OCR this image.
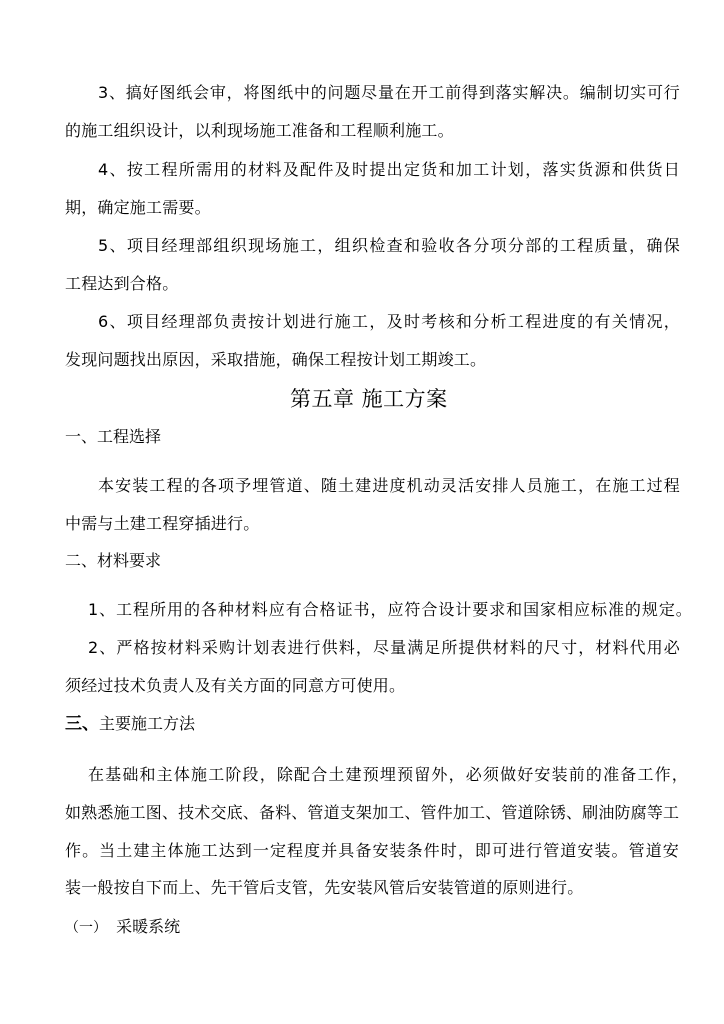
3、搞好图纸会审，将图纸中的问题尽量在开工前得到落实解决。编制切实可行
的施工组织设计，以利现场施工准备和工程顺利施工。
4、按工程所需用的材料及配件及时提出定货和加工计划，落实货源和供货日
期，确定施工需要。
5、项目经理部组织现场施工，组织检查和验收各分项分部的工程质量，确保
工程达到合格。
6、项目经理部负责按计划进行施工，及时考核和分析工程进度的有关情况，
发现问题找出原因，采取措施，确保工程按计划工期竣工。
第五章 施工方案
一、工程选择
本安装工程的各项予埋管道、随土建进度机动灵活安排人员施工，在施工过程
中需与土建工程穿插进行。
二、材料要求
1、工程所用的各种材料应有合格证书，应符合设计要求和国家相应标准的规定。
2、严格按材料采购计划表进行供料，尽量满足所提供材料的尺寸，材料代用必
须经过技术负责人及有关方面的同意方可使用。
三、主要施工方法
在基础和主体施工阶段，除配合土建预埋预留外，必须做好安装前的准备工作，
如熟悉施工图、技术交底、备料、管道支架加工、管件加工、管道除锈、刷油防腐等工
作。当土建主体施工达到一定程度并具备安装条件时，即可进行管道安装。管道安
装一般按自下而上、先干管后支管，先安装风管后安装管道的原则进行。
（一） 采暖系统
